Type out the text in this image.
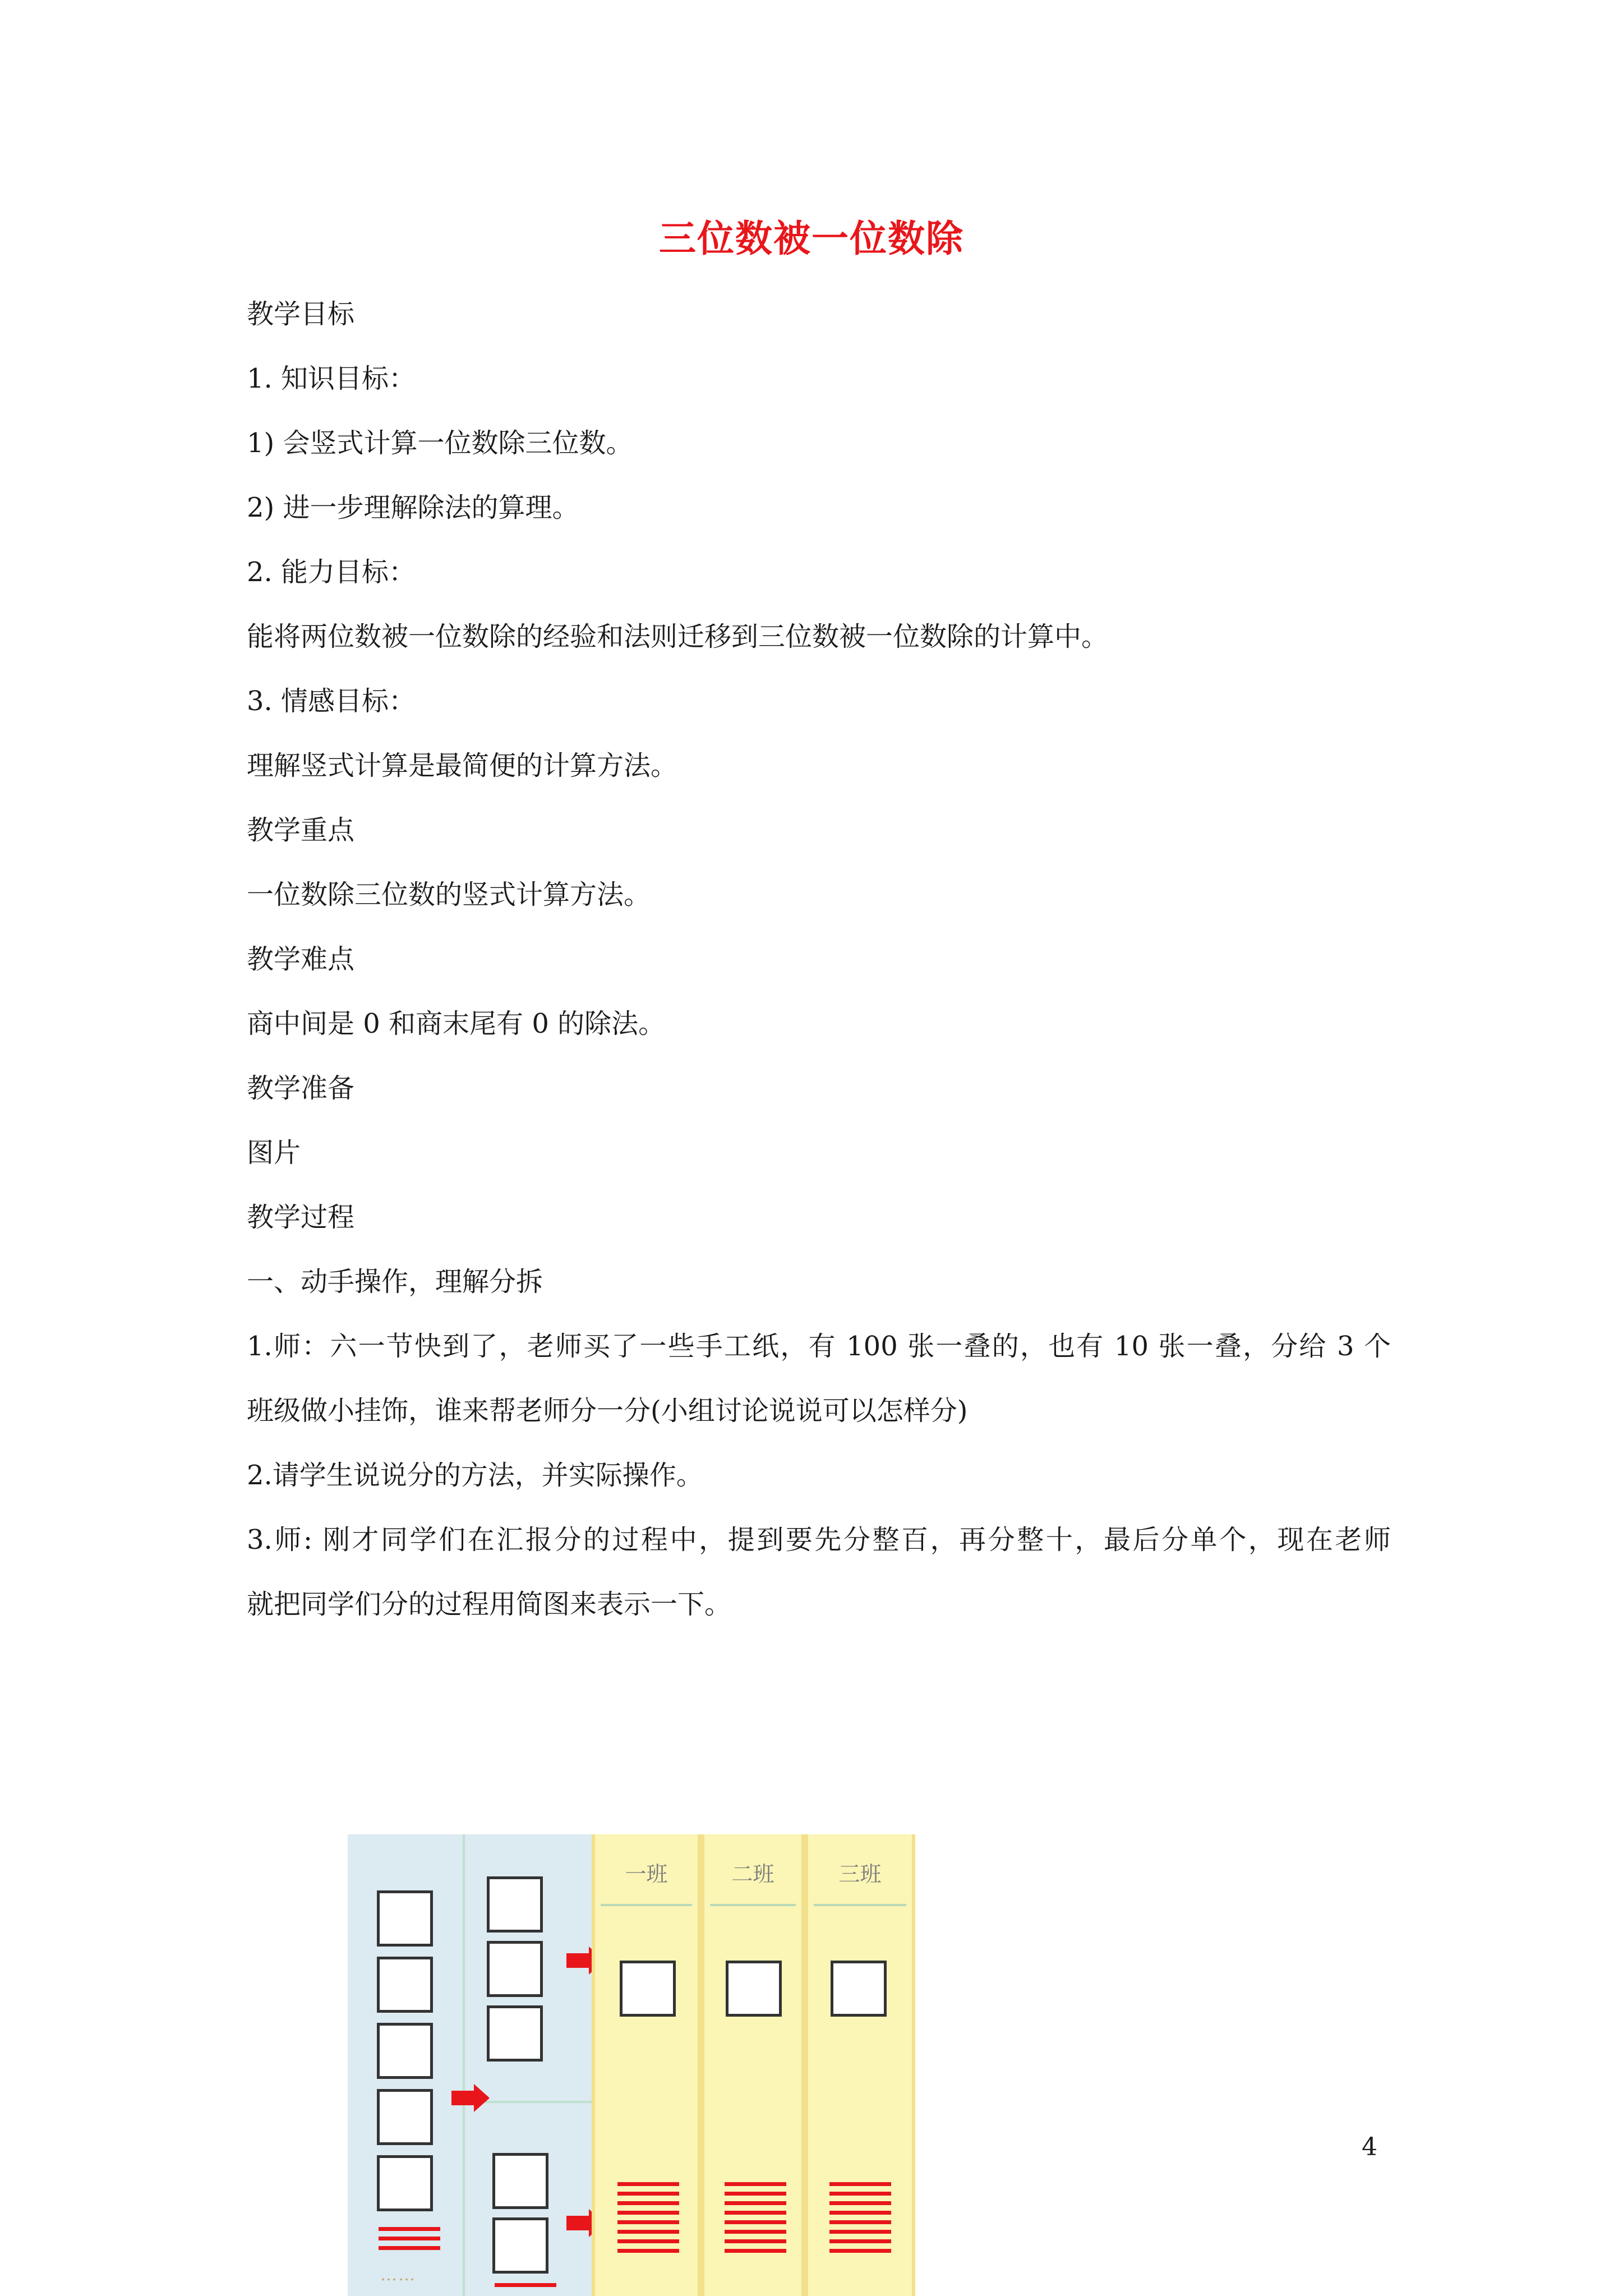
三位数被一位数除
教学目标
1. 知识目标：
1) 会竖式计算一位数除三位数。
2) 进一步理解除法的算理。
2. 能力目标：
能将两位数被一位数除的经验和法则迁移到三位数被一位数除的计算中。
3. 情感目标：
理解竖式计算是最简便的计算方法。
教学重点
一位数除三位数的竖式计算方法。
教学难点
商中间是 0 和商末尾有 0 的除法。
教学准备
图片
教学过程
一、动手操作，理解分拆
1.师：六一节快到了，老师买了一些手工纸，有 100 张一叠的，也有 10 张一叠，分给 3 个
班级做小挂饰，谁来帮老师分一分(小组讨论说说可以怎样分)
2.请学生说说分的方法，并实际操作。
3.师: 刚才同学们在汇报分的过程中，提到要先分整百，再分整十，最后分单个，现在老师
就把同学们分的过程用简图来表示一下。
……
一班	二班	三班
4
